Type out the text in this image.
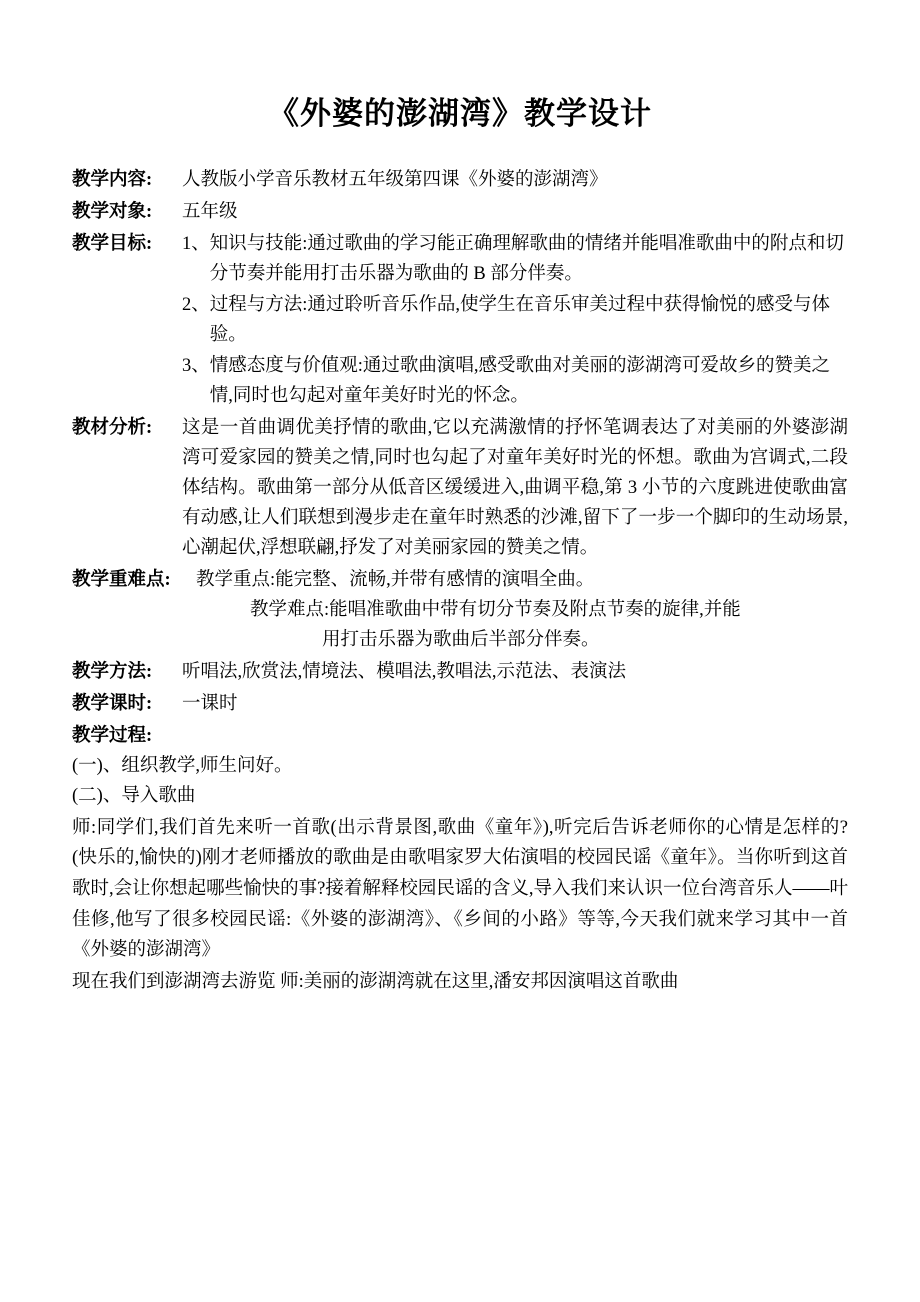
《外婆的澎湖湾》教学设计
教学内容:	人教版小学音乐教材五年级第四课《外婆的澎湖湾》
教学对象:	五年级
教学目标:	1、 知识与技能:通过歌曲的学习能正确理解歌曲的情绪并能唱准歌曲中的附点和切分节奏并能用打击乐器为歌曲的 B 部分伴奏。
2、 过程与方法:通过聆听音乐作品,使学生在音乐审美过程中获得愉悦的感受与体验。
3、 情感态度与价值观:通过歌曲演唱,感受歌曲对美丽的澎湖湾可爱故乡的赞美之情,同时也勾起对童年美好时光的怀念。
教材分析:	这是一首曲调优美抒情的歌曲,它以充满激情的抒怀笔调表达了对美丽的外婆澎湖湾可爱家园的赞美之情,同时也勾起了对童年美好时光的怀想。歌曲为宫调式,二段体结构。歌曲第一部分从低音区缓缓进入,曲调平稳,第 3 小节的六度跳进使歌曲富有动感,让人们联想到漫步走在童年时熟悉的沙滩,留下了一步一个脚印的生动场景,心潮起伏,浮想联翩,抒发了对美丽家园的赞美之情。
教学重难点:	教学重点:能完整、流畅,并带有感情的演唱全曲。
教学难点:能唱准歌曲中带有切分节奏及附点节奏的旋律,并能
用打击乐器为歌曲后半部分伴奏。
教学方法:	听唱法,欣赏法,情境法、模唱法,教唱法,示范法、表演法
教学课时:	一课时
教学过程:
(一)、组织教学,师生问好。
(二)、导入歌曲
师:同学们,我们首先来听一首歌(出示背景图,歌曲《童年》),听完后告诉老师你的心情是怎样的?(快乐的,愉快的)刚才老师播放的歌曲是由歌唱家罗大佑演唱的校园民谣《童年》。当你听到这首歌时,会让你想起哪些愉快的事?接着解释校园民谣的含义,导入我们来认识一位台湾音乐人——叶佳修,他写了很多校园民谣:《外婆的澎湖湾》、《乡间的小路》等等,今天我们就来学习其中一首《外婆的澎湖湾》
现在我们到澎湖湾去游览 师:美丽的澎湖湾就在这里,潘安邦因演唱这首歌曲
